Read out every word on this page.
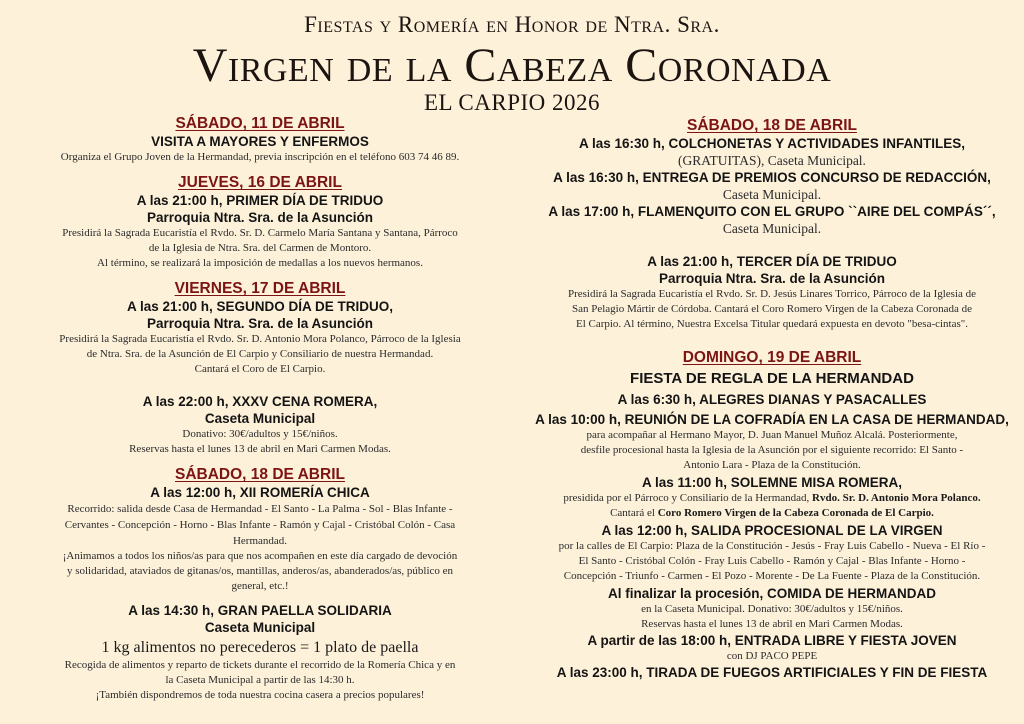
Fiestas y Romería en Honor de Ntra. Sra.
Virgen de la Cabeza Coronada
EL CARPIO 2026
SÁBADO, 11 DE ABRIL
VISITA A MAYORES Y ENFERMOS
Organiza el Grupo Joven de la Hermandad, previa inscripción en el teléfono 603 74 46 89.
JUEVES, 16 DE ABRIL
A las 21:00 h, PRIMER DÍA DE TRIDUO
Parroquia Ntra. Sra. de la Asunción
Presidirá la Sagrada Eucaristía el Rvdo. Sr. D. Carmelo María Santana y Santana, Párroco
de la Iglesia de Ntra. Sra. del Carmen de Montoro.
Al término, se realizará la imposición de medallas a los nuevos hermanos.
VIERNES, 17 DE ABRIL
A las 21:00 h, SEGUNDO DÍA DE TRIDUO,
Parroquia Ntra. Sra. de la Asunción
Presidirá la Sagrada Eucaristía el Rvdo. Sr. D. Antonio Mora Polanco, Párroco de la Iglesia
de Ntra. Sra. de la Asunción de El Carpio y Consiliario de nuestra Hermandad.
Cantará el Coro de El Carpio.
A las 22:00 h, XXXV CENA ROMERA,
Caseta Municipal
Donativo: 30€/adultos y 15€/niños.
Reservas hasta el lunes 13 de abril en Mari Carmen Modas.
SÁBADO, 18 DE ABRIL
A las 12:00 h, XII ROMERÍA CHICA
Recorrido: salida desde Casa de Hermandad - El Santo - La Palma - Sol - Blas Infante -
Cervantes - Concepción - Horno - Blas Infante - Ramón y Cajal - Cristóbal Colón - Casa
Hermandad.
¡Animamos a todos los niños/as para que nos acompañen en este día cargado de devoción
y solidaridad, ataviados de gitanas/os, mantillas, anderos/as, abanderados/as, público en
general, etc.!
A las 14:30 h, GRAN PAELLA SOLIDARIA
Caseta Municipal
1 kg alimentos no perecederos = 1 plato de paella
Recogida de alimentos y reparto de tickets durante el recorrido de la Romería Chica y en
la Caseta Municipal a partir de las 14:30 h.
¡También dispondremos de toda nuestra cocina casera a precios populares!
SÁBADO, 18 DE ABRIL
A las 16:30 h, COLCHONETAS Y ACTIVIDADES INFANTILES,
(GRATUITAS), Caseta Municipal.
A las 16:30 h, ENTREGA DE PREMIOS CONCURSO DE REDACCIÓN,
Caseta Municipal.
A las 17:00 h, FLAMENQUITO CON EL GRUPO ``AIRE DEL COMPÁS´´,
Caseta Municipal.
A las 21:00 h, TERCER DÍA DE TRIDUO
Parroquia Ntra. Sra. de la Asunción
Presidirá la Sagrada Eucaristía el Rvdo. Sr. D. Jesús Linares Torrico, Párroco de la Iglesia de
San Pelagio Mártir de Córdoba. Cantará el Coro Romero Virgen de la Cabeza Coronada de
El Carpio. Al término, Nuestra Excelsa Titular quedará expuesta en devoto "besa-cintas".
DOMINGO, 19 DE ABRIL
FIESTA DE REGLA DE LA HERMANDAD
A las 6:30 h, ALEGRES DIANAS Y PASACALLES
A las 10:00 h, REUNIÓN DE LA COFRADÍA EN LA CASA DE HERMANDAD,
para acompañar al Hermano Mayor, D. Juan Manuel Muñoz Alcalá. Posteriormente,
desfile procesional hasta la Iglesia de la Asunción por el siguiente recorrido: El Santo -
Antonio Lara - Plaza de la Constitución.
A las 11:00 h, SOLEMNE MISA ROMERA,
presidida por el Párroco y Consiliario de la Hermandad, Rvdo. Sr. D. Antonio Mora Polanco.
Cantará el Coro Romero Virgen de la Cabeza Coronada de El Carpio.
A las 12:00 h, SALIDA PROCESIONAL DE LA VIRGEN
por la calles de El Carpio: Plaza de la Constitución - Jesús - Fray Luis Cabello - Nueva - El Río -
El Santo - Cristóbal Colón - Fray Luis Cabello - Ramón y Cajal - Blas Infante - Horno -
Concepción - Triunfo - Carmen - El Pozo - Morente - De La Fuente - Plaza de la Constitución.
Al finalizar la procesión, COMIDA DE HERMANDAD
en la Caseta Municipal. Donativo: 30€/adultos y 15€/niños.
Reservas hasta el lunes 13 de abril en Mari Carmen Modas.
A partir de las 18:00 h, ENTRADA LIBRE Y FIESTA JOVEN
con DJ PACO PEPE
A las 23:00 h, TIRADA DE FUEGOS ARTIFICIALES Y FIN DE FIESTA
